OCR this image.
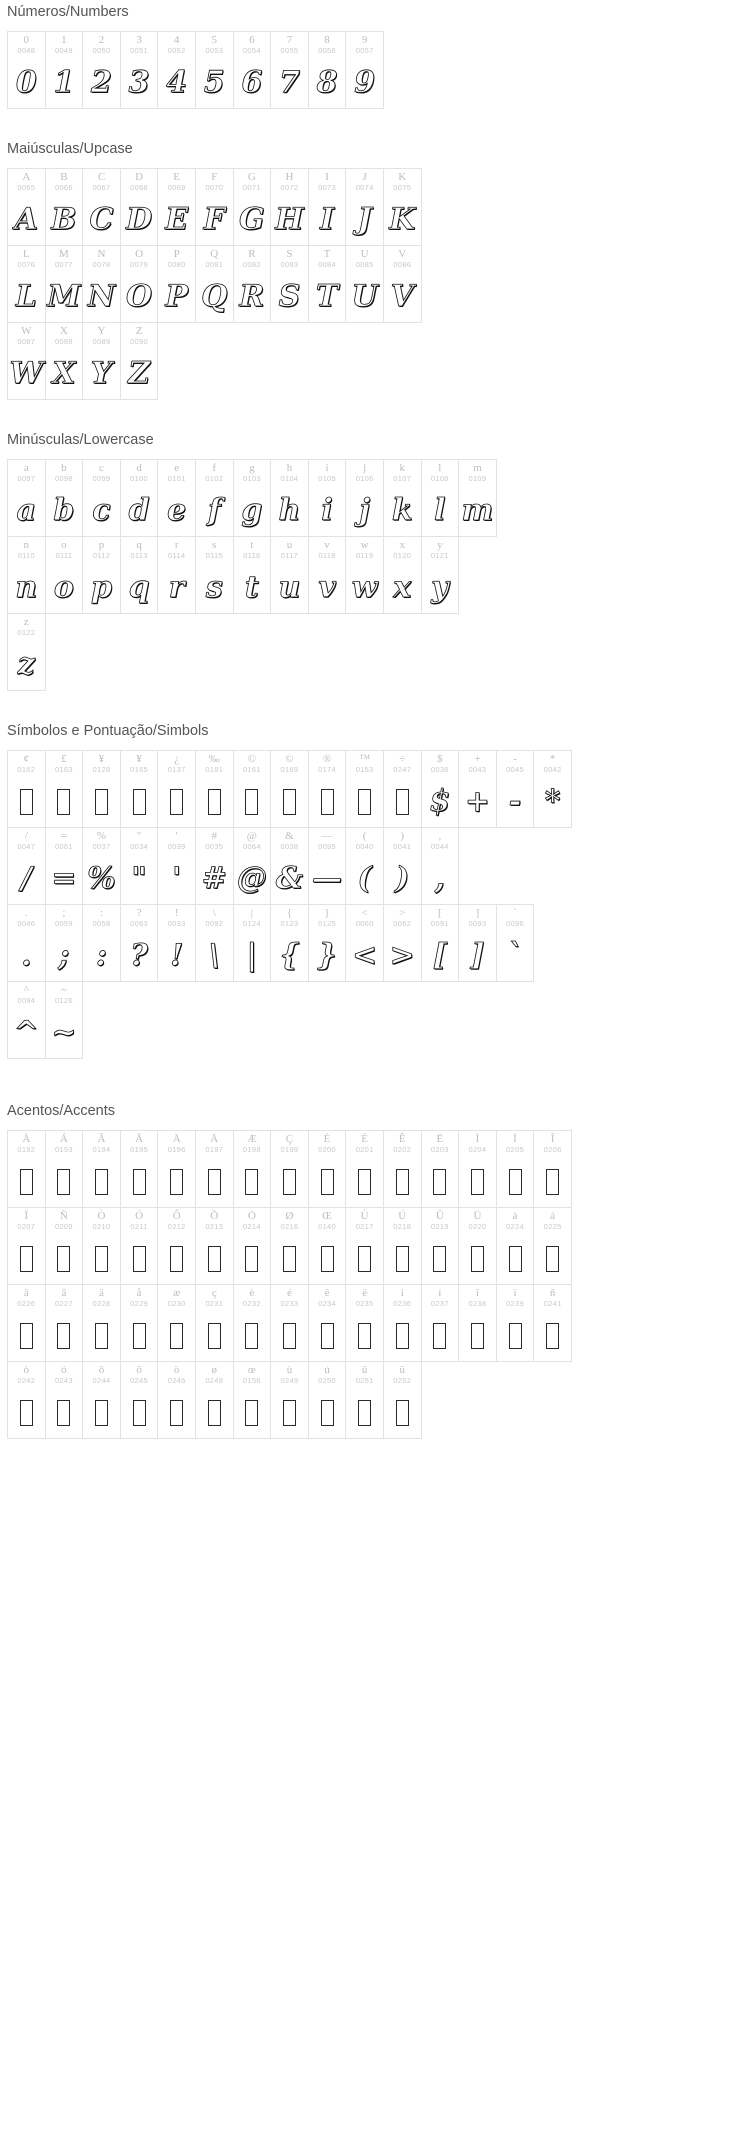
Números/Numbers
0
0048
0
1
0049
1
2
0050
2
3
0051
3
4
0052
4
5
0053
5
6
0054
6
7
0055
7
8
0056
8
9
0057
9
Maiúsculas/Upcase
A
0065
A
B
0066
B
C
0067
C
D
0068
D
E
0069
E
F
0070
F
G
0071
G
H
0072
H
I
0073
I
J
0074
J
K
0075
K
L
0076
L
M
0077
M
N
0078
N
O
0079
O
P
0080
P
Q
0081
Q
R
0082
R
S
0083
S
T
0084
T
U
0085
U
V
0086
V
W
0087
W
X
0088
X
Y
0089
Y
Z
0090
Z
Minúsculas/Lowercase
a
0097
a
b
0098
b
c
0099
c
d
0100
d
e
0101
e
f
0102
f
g
0103
g
h
0104
h
i
0105
i
j
0106
j
k
0107
k
l
0108
l
m
0109
m
n
0110
n
o
0111
o
p
0112
p
q
0113
q
r
0114
r
s
0115
s
t
0116
t
u
0117
u
v
0118
v
w
0119
w
x
0120
x
y
0121
y
z
0122
z
Símbolos e Pontuação/Simbols
¢
0162
£
0163
¥
0128
¥
0165
¿
0137
‰
0191
©
0161
©
0169
®
0174
™
0153
÷
0247
$
0036
$
+
0043
+
-
0045
-
*
0042
*
/
0047
/
=
0061
=
%
0037
%
"
0034
"
'
0039
'
#
0035
#
@
0064
@
&
0038
&
—
0095
—
(
0040
(
)
0041
)
,
0044
,
.
0046
.
;
0059
;
:
0058
:
?
0063
?
!
0033
!
\
0092
\
|
0124
|
{
0123
{
}
0125
}
<
0060
<
>
0062
>
[
0091
[
]
0093
]
`
0096
`
^
0094
^
~
0126
~
Acentos/Accents
À
0192
Á
0193
Â
0194
Ã
0195
Ä
0196
Å
0197
Æ
0198
Ç
0199
È
0200
É
0201
Ê
0202
Ë
0203
Ì
0204
Í
0205
Î
0206
Ï
0207
Ñ
0209
Ò
0210
Ó
0211
Ô
0212
Õ
0213
Ö
0214
Ø
0216
Œ
0140
Ù
0217
Ú
0218
Û
0219
Ü
0220
à
0224
á
0225
â
0226
ã
0227
ä
0228
å
0229
æ
0230
ç
0231
è
0232
é
0233
ê
0234
ë
0235
ì
0236
í
0237
î
0238
ï
0239
ñ
0241
ò
0242
ó
0243
ô
0244
õ
0245
ö
0246
ø
0248
œ
0156
ù
0249
ú
0250
û
0251
ü
0252
